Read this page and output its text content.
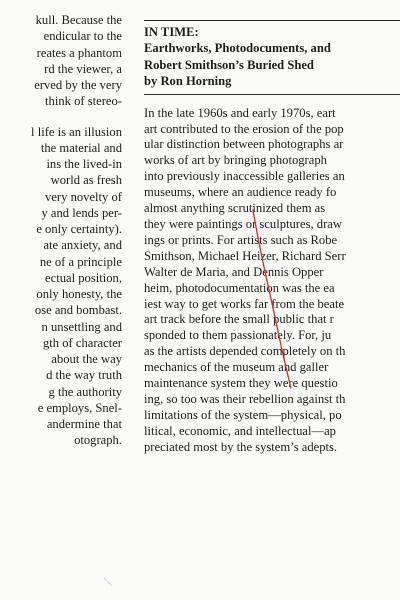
kull. Because the
endicular to the
reates a phantom
rd the viewer, a
erved by the very
think of stereo-
l life is an illusion
the material and
ins the lived-in
world as fresh
very novelty of
y and lends per-
e only certainty).
ate anxiety, and
ne of a principle
ectual position,
only honesty, the
ose and bombast.
n unsettling and
gth of character
about the way
d the way truth
g the authority
e employs, Snel-
andermine that
otograph.
IN TIME:
Earthworks, Photodocuments, and
Robert Smithson’s Buried Shed
by Ron Horning
In the late 1960s and early 1970s, eart
art contributed to the erosion of the pop
ular distinction between photographs ar
works of art by bringing photograph
into previously inaccessible galleries an
museums, where an audience ready fo
almost anything scrutinized them as
they were paintings or sculptures, draw
ings or prints. For artists such as Robe
Smithson, Michael Heizer, Richard Serr
Walter de Maria, and Dennis Opper
heim, photodocumentation was the ea
iest way to get works far from the beate
art track before the small public that r
sponded to them passionately. For, ju
as the artists depended completely on th
mechanics of the museum and galler
maintenance system they were questio
ing, so too was their rebellion against th
limitations of the system—physical, po
litical, economic, and intellectual—ap
preciated most by the system’s adepts.
